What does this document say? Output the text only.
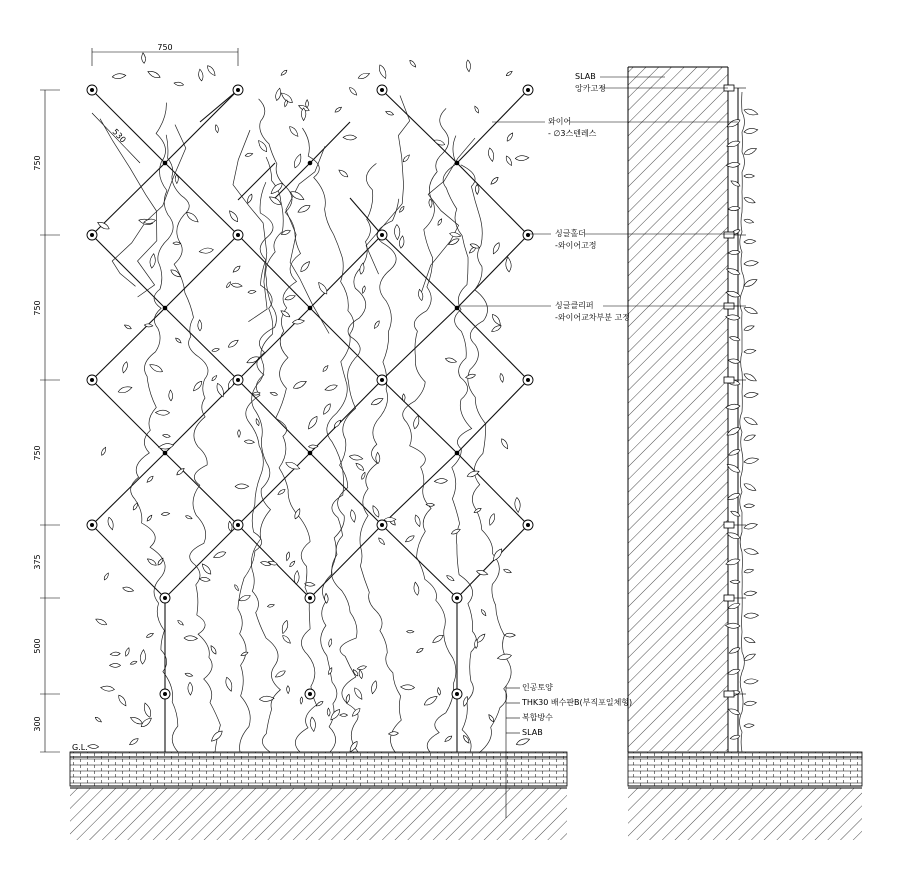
750
750
750
750
375
500
300
G.L.
530
SLAB
앙카고정
와이어
- ∅3스텐레스
싱글홀더
-와이어고정
싱글클리퍼
-와이어교차부분 고정
인공토양
THK30 배수판B(부직포일체형)
복합방수
SLAB
